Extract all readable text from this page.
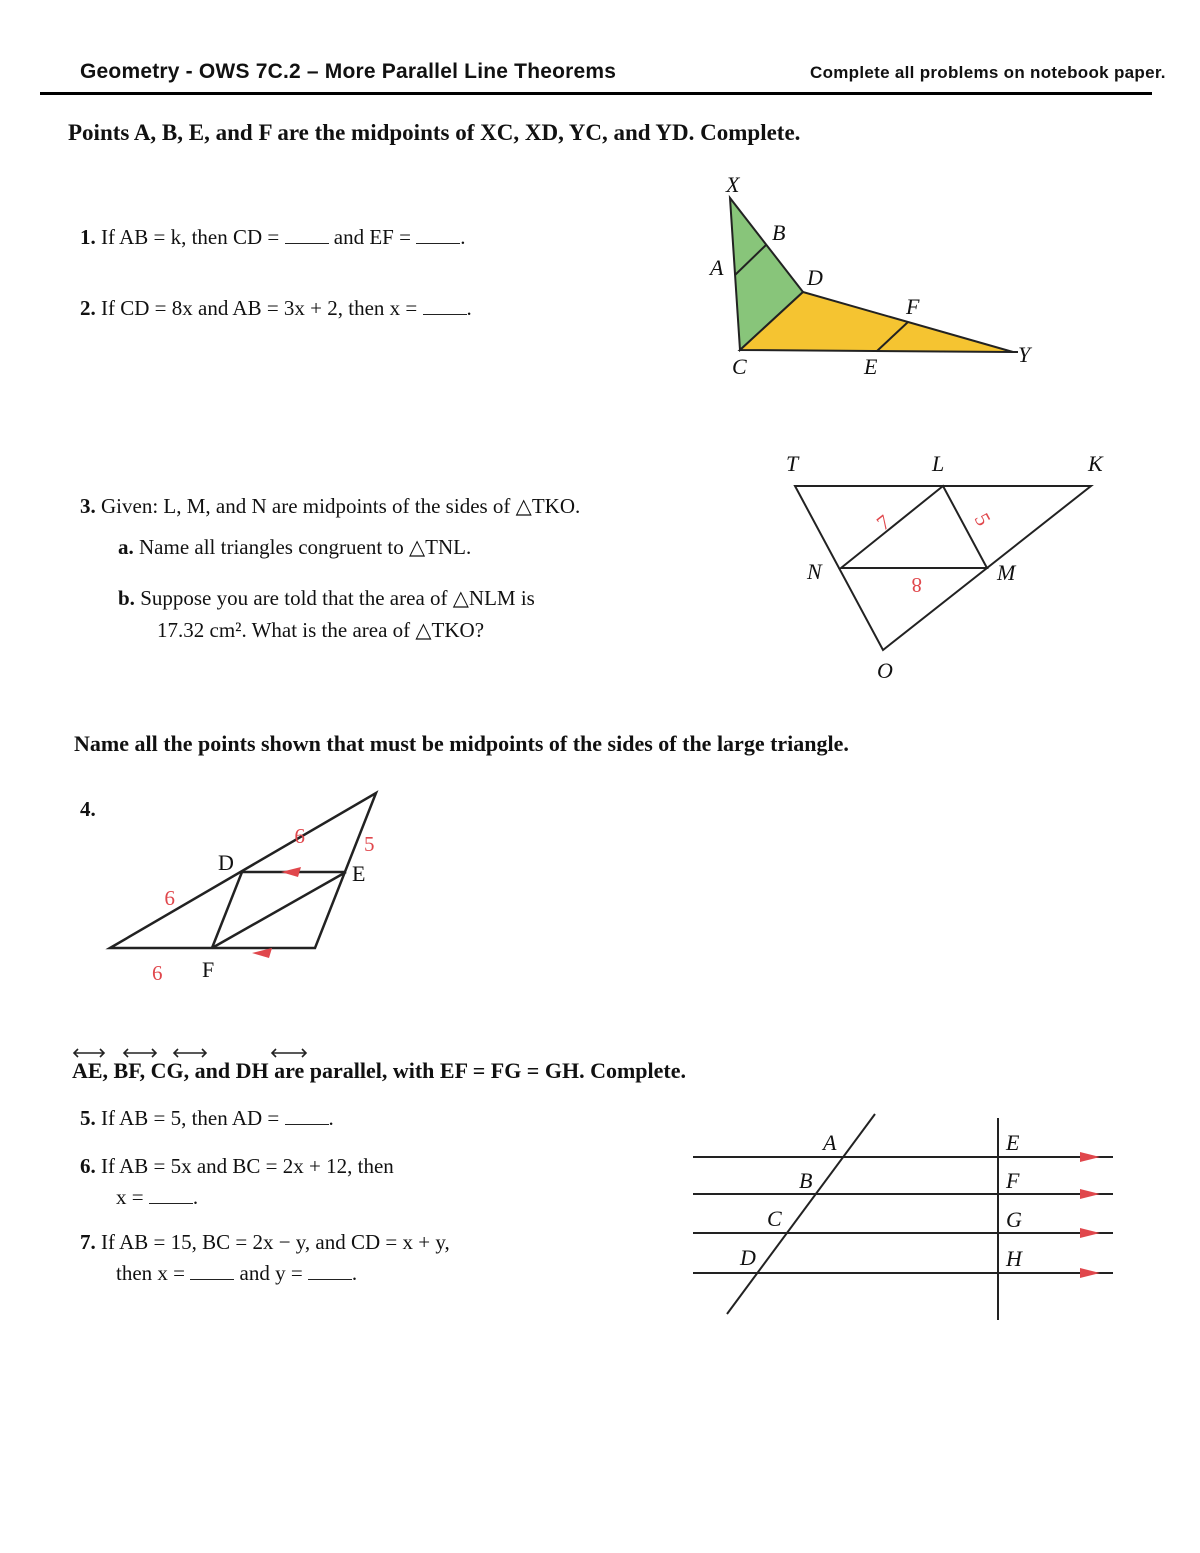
Geometry - OWS 7C.2 – More Parallel Line Theorems	Complete all problems on notebook paper.
Points A, B, E, and F are the midpoints of XC, XD, YC, and YD. Complete.
1. If AB = k, then CD =	and EF = .
2. If CD = 8x and AB = 3x + 2, then x = .
X
A
B
D
F
Y
C	E
3. Given: L, M, and N are midpoints of the sides of △TKO.
a. Name all triangles congruent to △TNL.
b. Suppose you are told that the area of △NLM is
17.32 cm². What is the area of △TKO?
T	L	K
N	M
O
7	5
8
Name all the points shown that must be midpoints of the sides of the large triangle.
4.
D	E
F
9	5
9
6
AE, BF, CG, and DH are parallel, with EF = FG = GH. Complete.
5. If AB = 5, then AD = .
6. If AB = 5x and BC = 2x + 12, then
x = .
7. If AB = 15, BC = 2x − y, and CD = x + y,
then x =	and y = .
A
B
C
D
E
F
G
H
